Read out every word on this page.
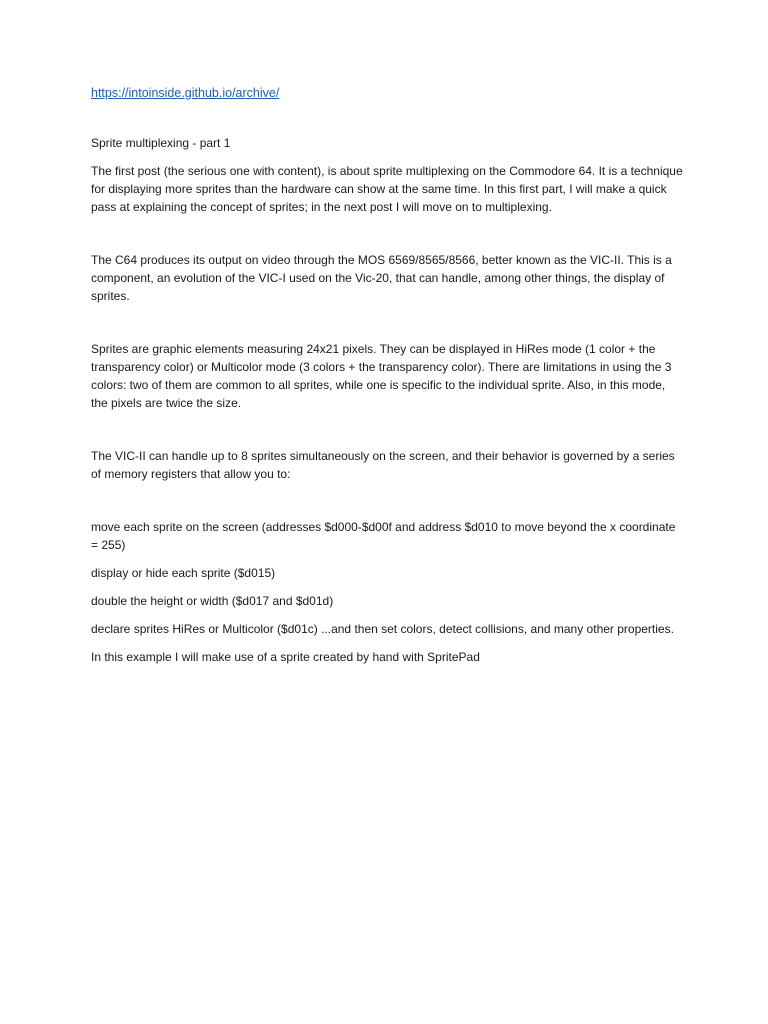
https://intoinside.github.io/archive/
Sprite multiplexing - part 1

The first post (the serious one with content), is about sprite multiplexing on the Commodore 64. It is a technique for displaying more sprites than the hardware can show at the same time. In this first part, I will make a quick pass at explaining the concept of sprites; in the next post I will move on to multiplexing.

The C64 produces its output on video through the MOS 6569/8565/8566, better known as the VIC-II. This is a component, an evolution of the VIC-I used on the Vic-20, that can handle, among other things, the display of sprites.

Sprites are graphic elements measuring 24x21 pixels. They can be displayed in HiRes mode (1 color + the transparency color) or Multicolor mode (3 colors + the transparency color). There are limitations in using the 3 colors: two of them are common to all sprites, while one is specific to the individual sprite. Also, in this mode, the pixels are twice the size.

The VIC-II can handle up to 8 sprites simultaneously on the screen, and their behavior is governed by a series of memory registers that allow you to:

move each sprite on the screen (addresses $d000-$d00f and address $d010 to move beyond the x coordinate = 255)

display or hide each sprite ($d015)

double the height or width ($d017 and $d01d)

declare sprites HiRes or Multicolor ($d01c) ...and then set colors, detect collisions, and many other properties.

In this example I will make use of a sprite created by hand with SpritePad
